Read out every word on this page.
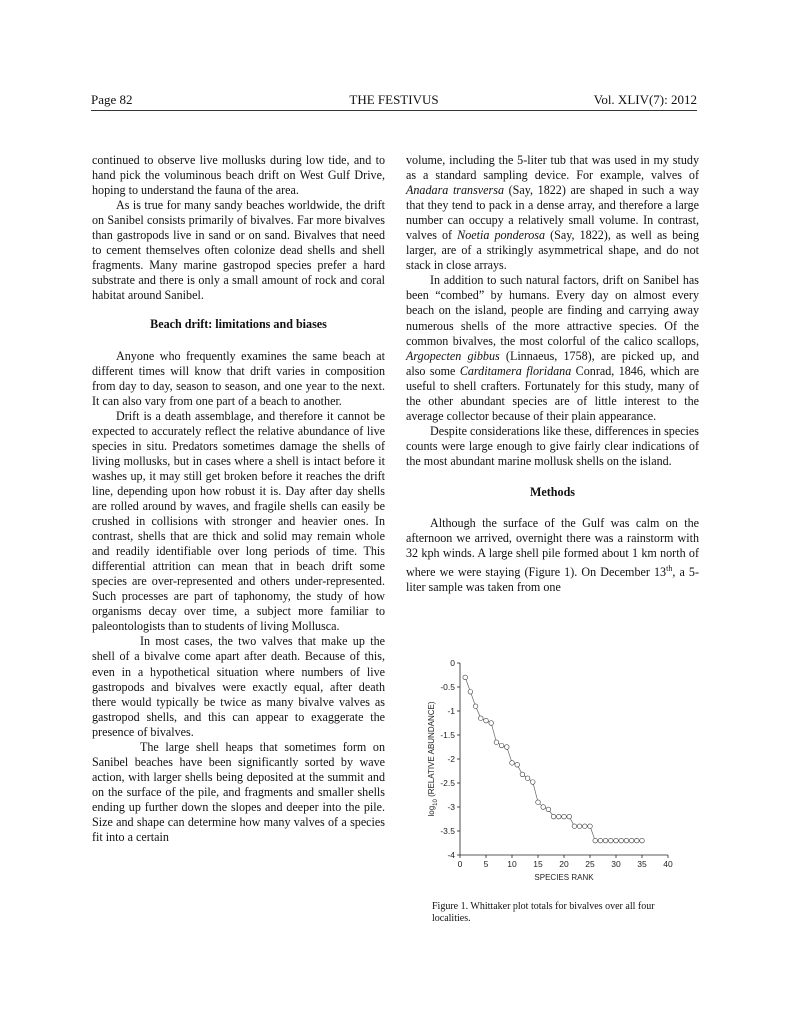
Page 82	THE FESTIVUS	Vol. XLIV(7): 2012

continued to observe live mollusks during low tide, and to hand pick the voluminous beach drift on West Gulf Drive, hoping to understand the fauna of the area.

As is true for many sandy beaches worldwide, the drift on Sanibel consists primarily of bivalves. Far more bivalves than gastropods live in sand or on sand. Bivalves that need to cement themselves often colonize dead shells and shell fragments. Many marine gastropod species prefer a hard substrate and there is only a small amount of rock and coral habitat around Sanibel.

Beach drift: limitations and biases

Anyone who frequently examines the same beach at different times will know that drift varies in composition from day to day, season to season, and one year to the next. It can also vary from one part of a beach to another.

Drift is a death assemblage, and therefore it cannot be expected to accurately reflect the relative abundance of live species in situ. Predators sometimes damage the shells of living mollusks, but in cases where a shell is intact before it washes up, it may still get broken before it reaches the drift line, depending upon how robust it is. Day after day shells are rolled around by waves, and fragile shells can easily be crushed in collisions with stronger and heavier ones. In contrast, shells that are thick and solid may remain whole and readily identifiable over long periods of time. This differential attrition can mean that in beach drift some species are over-represented and others under-represented. Such processes are part of taphonomy, the study of how organisms decay over time, a subject more familiar to paleontologists than to students of living Mollusca.

In most cases, the two valves that make up the shell of a bivalve come apart after death. Because of this, even in a hypothetical situation where numbers of live gastropods and bivalves were exactly equal, after death there would typically be twice as many bivalve valves as gastropod shells, and this can appear to exaggerate the presence of bivalves.

The large shell heaps that sometimes form on Sanibel beaches have been significantly sorted by wave action, with larger shells being deposited at the summit and on the surface of the pile, and fragments and smaller shells ending up further down the slopes and deeper into the pile. Size and shape can determine how many valves of a species fit into a certain

volume, including the 5-liter tub that was used in my study as a standard sampling device. For example, valves of Anadara transversa (Say, 1822) are shaped in such a way that they tend to pack in a dense array, and therefore a large number can occupy a relatively small volume. In contrast, valves of Noetia ponderosa (Say, 1822), as well as being larger, are of a strikingly asymmetrical shape, and do not stack in close arrays.

In addition to such natural factors, drift on Sanibel has been “combed” by humans. Every day on almost every beach on the island, people are finding and carrying away numerous shells of the more attractive species. Of the common bivalves, the most colorful of the calico scallops, Argopecten gibbus (Linnaeus, 1758), are picked up, and also some Carditamera floridana Conrad, 1846, which are useful to shell crafters. Fortunately for this study, many of the other abundant species are of little interest to the average collector because of their plain appearance.

Despite considerations like these, differences in species counts were large enough to give fairly clear indications of the most abundant marine mollusk shells on the island.

Methods

Although the surface of the Gulf was calm on the afternoon we arrived, overnight there was a rainstorm with 32 kph winds. A large shell pile formed about 1 km north of where we were staying (Figure 1). On December 13th, a 5-liter sample was taken from one

0
-0.5
-1
-1.5
-2
-2.5
-3
-3.5
-4
0	5 10 15 20 25 30 35 40
SPECIES RANK
$\log_{10}$ (RELATIVE ABUNDANCE)
Figure 1. Whittaker plot totals for bivalves over all four localities.
